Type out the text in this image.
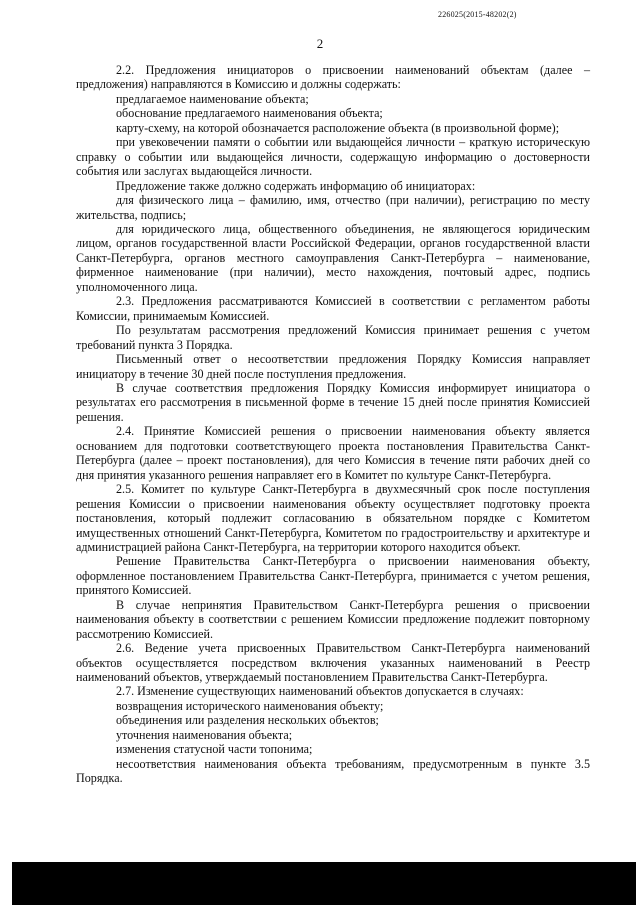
226025(2015-48202(2)
2

2.2. Предложения инициаторов о присвоении наименований объектам (далее – предложения) направляются в Комиссию и должны содержать:

предлагаемое наименование объекта;

обоснование предлагаемого наименования объекта;

карту-схему, на которой обозначается расположение объекта (в произвольной форме);

при увековечении памяти о событии или выдающейся личности – краткую историческую справку о событии или выдающейся личности, содержащую информацию о достоверности события или заслугах выдающейся личности.

Предложение также должно содержать информацию об инициаторах:

для физического лица – фамилию, имя, отчество (при наличии), регистрацию по месту жительства, подпись;

для юридического лица, общественного объединения, не являющегося юридическим лицом, органов государственной власти Российской Федерации, органов государственной власти Санкт-Петербурга, органов местного самоуправления Санкт-Петербурга – наименование, фирменное наименование (при наличии), место нахождения, почтовый адрес, подпись уполномоченного лица.

2.3. Предложения рассматриваются Комиссией в соответствии с регламентом работы Комиссии, принимаемым Комиссией.

По результатам рассмотрения предложений Комиссия принимает решения с учетом требований пункта 3 Порядка.

Письменный ответ о несоответствии предложения Порядку Комиссия направляет инициатору в течение 30 дней после поступления предложения.

В случае соответствия предложения Порядку Комиссия информирует инициатора о результатах его рассмотрения в письменной форме в течение 15 дней после принятия Комиссией решения.

2.4. Принятие Комиссией решения о присвоении наименования объекту является основанием для подготовки соответствующего проекта постановления Правительства Санкт-Петербурга (далее – проект постановления), для чего Комиссия в течение пяти рабочих дней со дня принятия указанного решения направляет его в Комитет по культуре Санкт-Петербурга.

2.5. Комитет по культуре Санкт-Петербурга в двухмесячный срок после поступления решения Комиссии о присвоении наименования объекту осуществляет подготовку проекта постановления, который подлежит согласованию в обязательном порядке с Комитетом имущественных отношений Санкт-Петербурга, Комитетом по градостроительству и архитектуре и администрацией района Санкт-Петербурга, на территории которого находится объект.

Решение Правительства Санкт-Петербурга о присвоении наименования объекту, оформленное постановлением Правительства Санкт-Петербурга, принимается с учетом решения, принятого Комиссией.

В случае непринятия Правительством Санкт-Петербурга решения о присвоении наименования объекту в соответствии с решением Комиссии предложение подлежит повторному рассмотрению Комиссией.

2.6. Ведение учета присвоенных Правительством Санкт-Петербурга наименований объектов осуществляется посредством включения указанных наименований в Реестр наименований объектов, утверждаемый постановлением Правительства Санкт-Петербурга.

2.7. Изменение существующих наименований объектов допускается в случаях:

возвращения исторического наименования объекту;

объединения или разделения нескольких объектов;

уточнения наименования объекта;

изменения статусной части топонима;

несоответствия наименования объекта требованиям, предусмотренным в пункте 3.5 Порядка.
